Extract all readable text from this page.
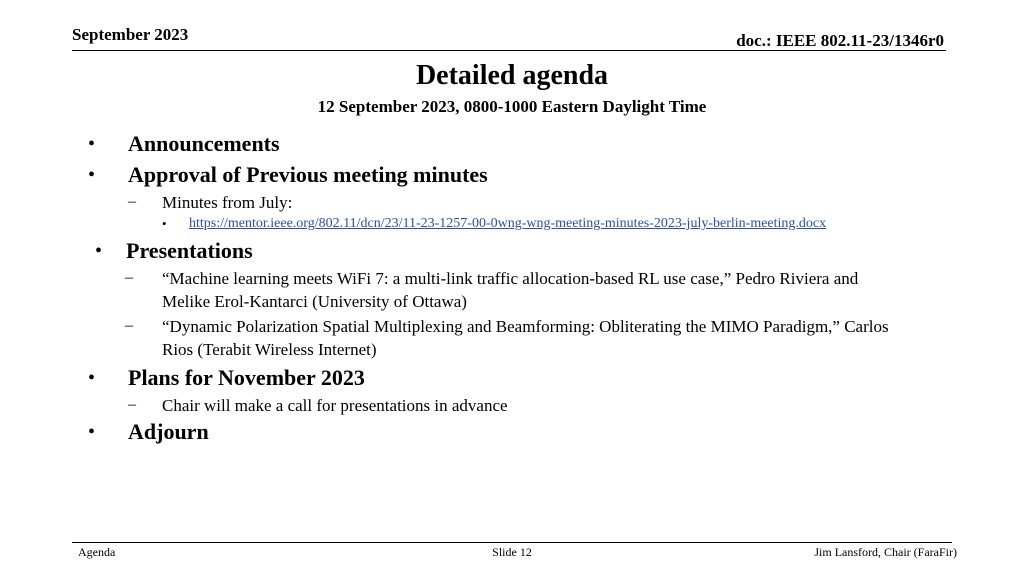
September 2023	doc.: IEEE 802.11-23/1346r0
Detailed agenda
12 September 2023, 0800-1000 Eastern Daylight Time
• Announcements
• Approval of Previous meeting minutes
– Minutes from July:
• https://mentor.ieee.org/802.11/dcn/23/11-23-1257-00-0wng-wng-meeting-minutes-2023-july-berlin-meeting.docx
• Presentations
– “Machine learning meets WiFi 7: a multi-link traffic allocation-based RL use case,” Pedro Riviera and
Melike Erol-Kantarci (University of Ottawa)
– “Dynamic Polarization Spatial Multiplexing and Beamforming: Obliterating the MIMO Paradigm,” Carlos
Rios (Terabit Wireless Internet)
• Plans for November 2023
– Chair will make a call for presentations in advance
• Adjourn
Agenda	Slide 12	Jim Lansford, Chair (FaraFir)
